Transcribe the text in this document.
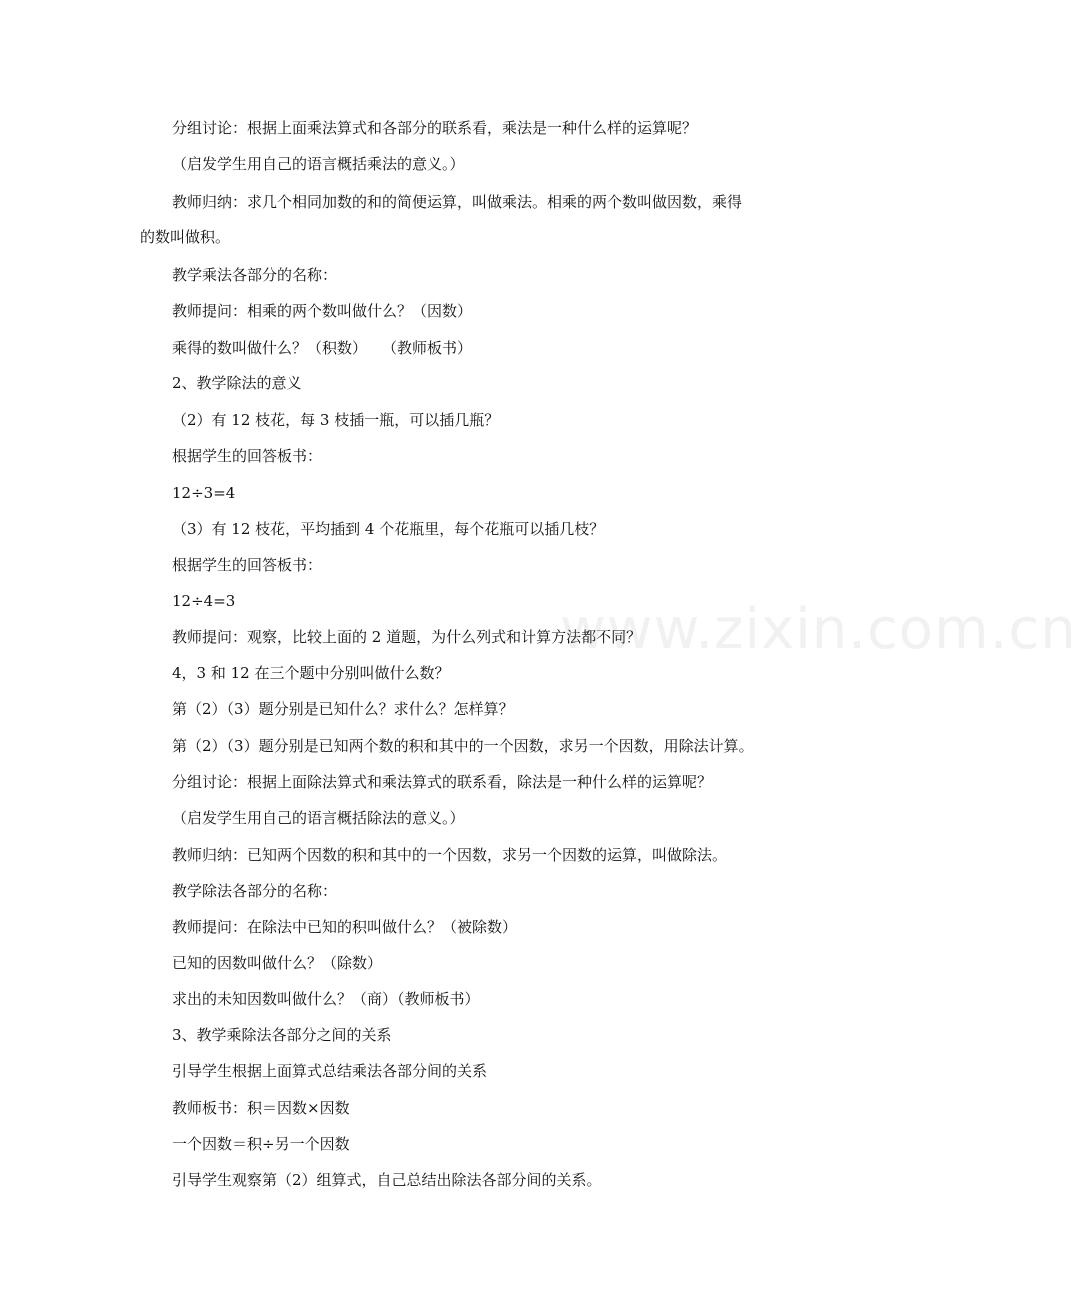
分组讨论：根据上面乘法算式和各部分的联系看，乘法是一种什么样的运算呢？
（启发学生用自己的语言概括乘法的意义。）
教师归纳：求几个相同加数的和的简便运算，叫做乘法。相乘的两个数叫做因数，乘得
的数叫做积。
教学乘法各部分的名称：
教师提问：相乘的两个数叫做什么？（因数）
乘得的数叫做什么？（积数）　　（教师板书）
2、教学除法的意义
（2）有 12 枝花，每 3 枝插一瓶，可以插几瓶？
根据学生的回答板书：
12÷3=4
（3）有 12 枝花，平均插到 4 个花瓶里，每个花瓶可以插几枝？
根据学生的回答板书：
12÷4=3
教师提问：观察，比较上面的 2 道题，为什么列式和计算方法都不同？
4，3 和 12 在三个题中分别叫做什么数？
第（2）（3）题分别是已知什么？求什么？怎样算？
第（2）（3）题分别是已知两个数的积和其中的一个因数，求另一个因数，用除法计算。
分组讨论：根据上面除法算式和乘法算式的联系看，除法是一种什么样的运算呢？
（启发学生用自己的语言概括除法的意义。）
教师归纳：已知两个因数的积和其中的一个因数，求另一个因数的运算，叫做除法。
教学除法各部分的名称：
教师提问：在除法中已知的积叫做什么？（被除数）
已知的因数叫做什么？（除数）
求出的未知因数叫做什么？（商）（教师板书）
3、教学乘除法各部分之间的关系
引导学生根据上面算式总结乘法各部分间的关系
教师板书：积＝因数×因数
一个因数＝积÷另一个因数
引导学生观察第（2）组算式，自己总结出除法各部分间的关系。
www.zixin.com.cn
